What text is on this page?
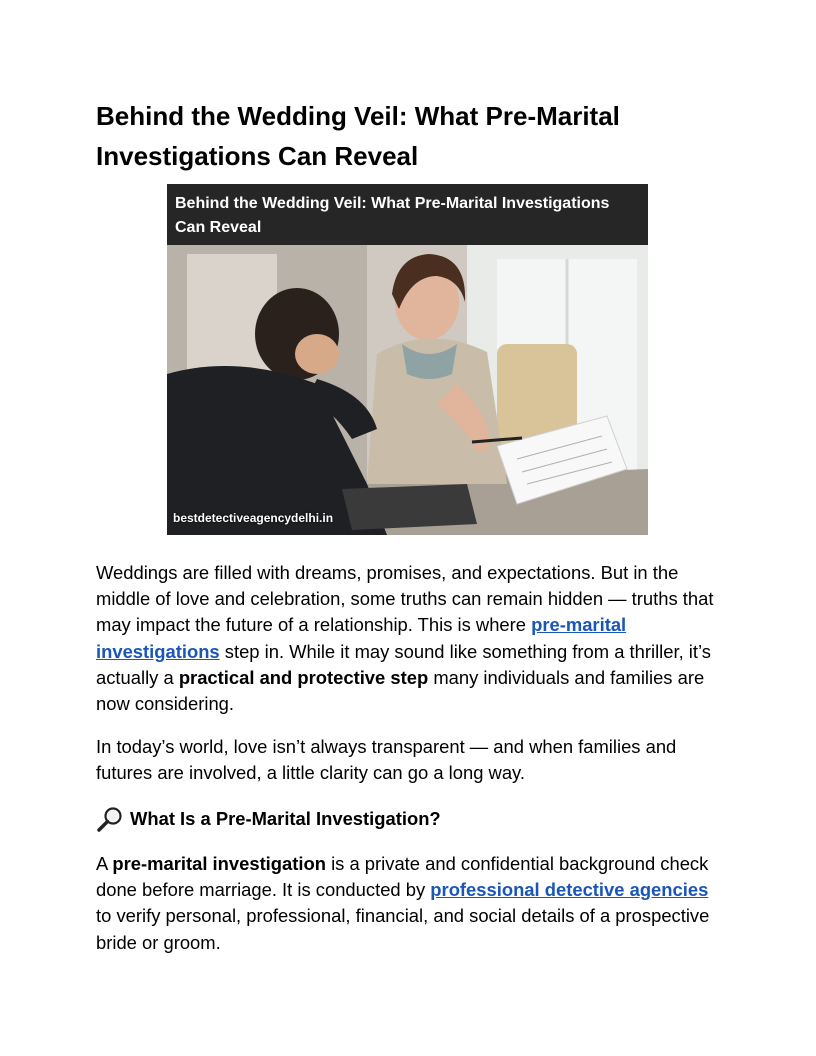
Behind the Wedding Veil: What Pre-Marital Investigations Can Reveal
Behind the Wedding Veil: What Pre-Marital Investigations Can Reveal
bestdetectiveagencydelhi.in

Weddings are filled with dreams, promises, and expectations. But in the middle of love and celebration, some truths can remain hidden — truths that may impact the future of a relationship. This is where pre-marital investigations step in. While it may sound like something from a thriller, it’s actually a practical and protective step many individuals and families are now considering.

In today’s world, love isn’t always transparent — and when families and futures are involved, a little clarity can go a long way.

What Is a Pre-Marital Investigation?

A pre-marital investigation is a private and confidential background check done before marriage. It is conducted by professional detective agencies to verify personal, professional, financial, and social details of a prospective bride or groom.
